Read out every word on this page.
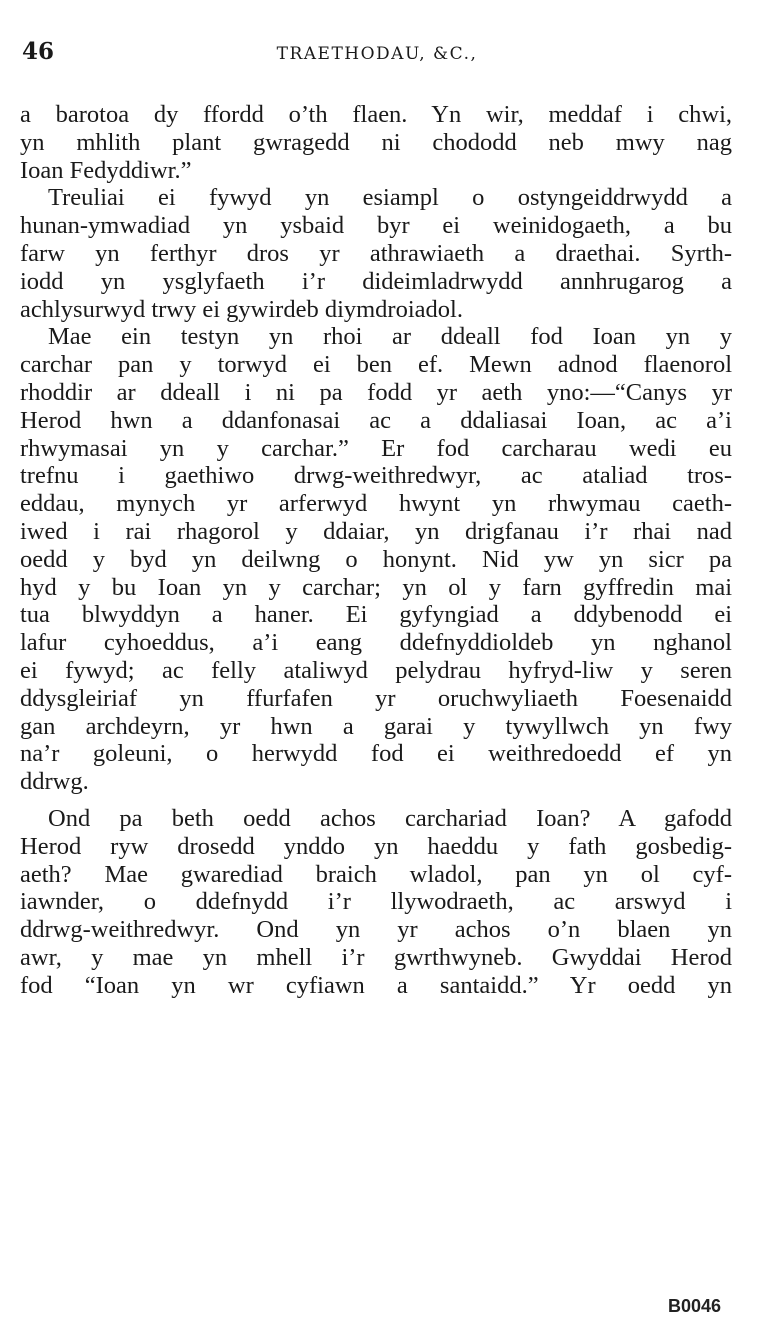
46	TRAETHODAU, &C.,
a barotoa dy ffordd o’th flaen. Yn wir, meddaf i chwi,
yn mhlith plant gwragedd ni chododd neb mwy nag
Ioan Fedyddiwr.”
Treuliai ei fywyd yn esiampl o ostyngeiddrwydd a
hunan-ymwadiad yn ysbaid byr ei weinidogaeth, a bu
farw yn ferthyr dros yr athrawiaeth a draethai. Syrth-
iodd yn ysglyfaeth i’r dideimladrwydd annhrugarog a
achlysurwyd trwy ei gywirdeb diymdroiadol.
Mae ein testyn yn rhoi ar ddeall fod Ioan yn y
carchar pan y torwyd ei ben ef. Mewn adnod flaenorol
rhoddir ar ddeall i ni pa fodd yr aeth yno:—“Canys yr
Herod hwn a ddanfonasai ac a ddaliasai Ioan, ac a’i
rhwymasai yn y carchar.” Er fod carcharau wedi eu
trefnu i gaethiwo drwg-weithredwyr, ac ataliad tros-
eddau, mynych yr arferwyd hwynt yn rhwymau caeth-
iwed i rai rhagorol y ddaiar, yn drigfanau i’r rhai nad
oedd y byd yn deilwng o honynt. Nid yw yn sicr pa
hyd y bu Ioan yn y carchar; yn ol y farn gyffredin mai
tua blwyddyn a haner. Ei gyfyngiad a ddybenodd ei
lafur cyhoeddus, a’i eang ddefnyddioldeb yn nghanol
ei fywyd; ac felly ataliwyd pelydrau hyfryd-liw y seren
ddysgleiriaf yn ffurfafen yr oruchwyliaeth Foesenaidd
gan archdeyrn, yr hwn a garai y tywyllwch yn fwy
na’r goleuni, o herwydd fod ei weithredoedd ef yn
ddrwg.
Ond pa beth oedd achos carchariad Ioan? A gafodd
Herod ryw drosedd ynddo yn haeddu y fath gosbedig-
aeth? Mae gwarediad braich wladol, pan yn ol cyf-
iawnder, o ddefnydd i’r llywodraeth, ac arswyd i
ddrwg-weithredwyr. Ond yn yr achos o’n blaen yn
awr, y mae yn mhell i’r gwrthwyneb. Gwyddai Herod
fod “Ioan yn wr cyfiawn a santaidd.” Yr oedd yn
B0046
